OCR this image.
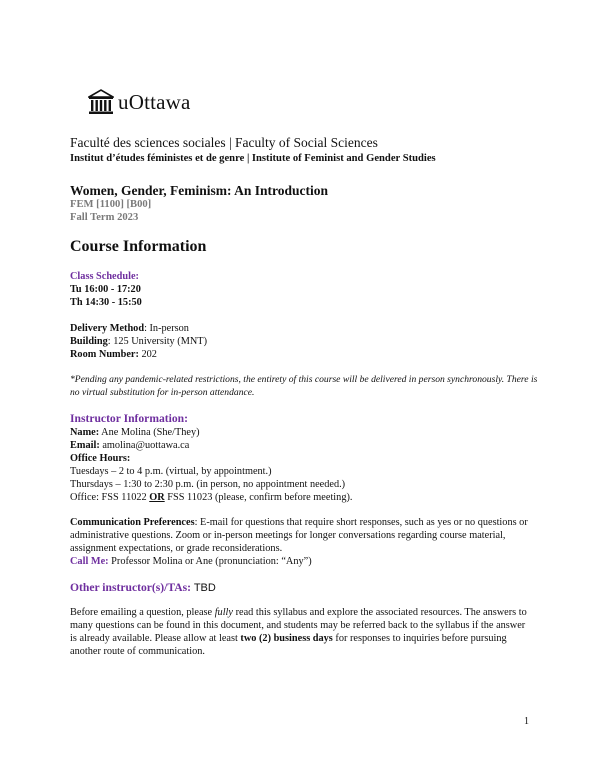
uOttawa
Faculté des sciences sociales | Faculty of Social Sciences
Institut d’études féministes et de genre | Institute of Feminist and Gender Studies
Women, Gender, Feminism: An Introduction
FEM [1100] [B00]
Fall Term 2023
Course Information
Class Schedule:
Tu 16:00 - 17:20
Th 14:30 - 15:50
Delivery Method: In-person
Building: 125 University (MNT)
Room Number: 202
*Pending any pandemic-related restrictions, the entirety of this course will be delivered in person synchronously. There is no virtual substitution for in-person attendance.
Instructor Information:
Name: Ane Molina (She/They)
Email: amolina@uottawa.ca
Office Hours:
Tuesdays – 2 to 4 p.m. (virtual, by appointment.)
Thursdays – 1:30 to 2:30 p.m. (in person, no appointment needed.)
Office: FSS 11022 OR FSS 11023 (please, confirm before meeting).
Communication Preferences: E-mail for questions that require short responses, such as yes or no questions or administrative questions. Zoom or in-person meetings for longer conversations regarding course material, assignment expectations, or grade reconsiderations.
Call Me: Professor Molina or Ane (pronunciation: “Any”)
Other instructor(s)/TAs: TBD
Before emailing a question, please fully read this syllabus and explore the associated resources. The answers to many questions can be found in this document, and students may be referred back to the syllabus if the answer is already available. Please allow at least two (2) business days for responses to inquiries before pursuing another route of communication.
1
